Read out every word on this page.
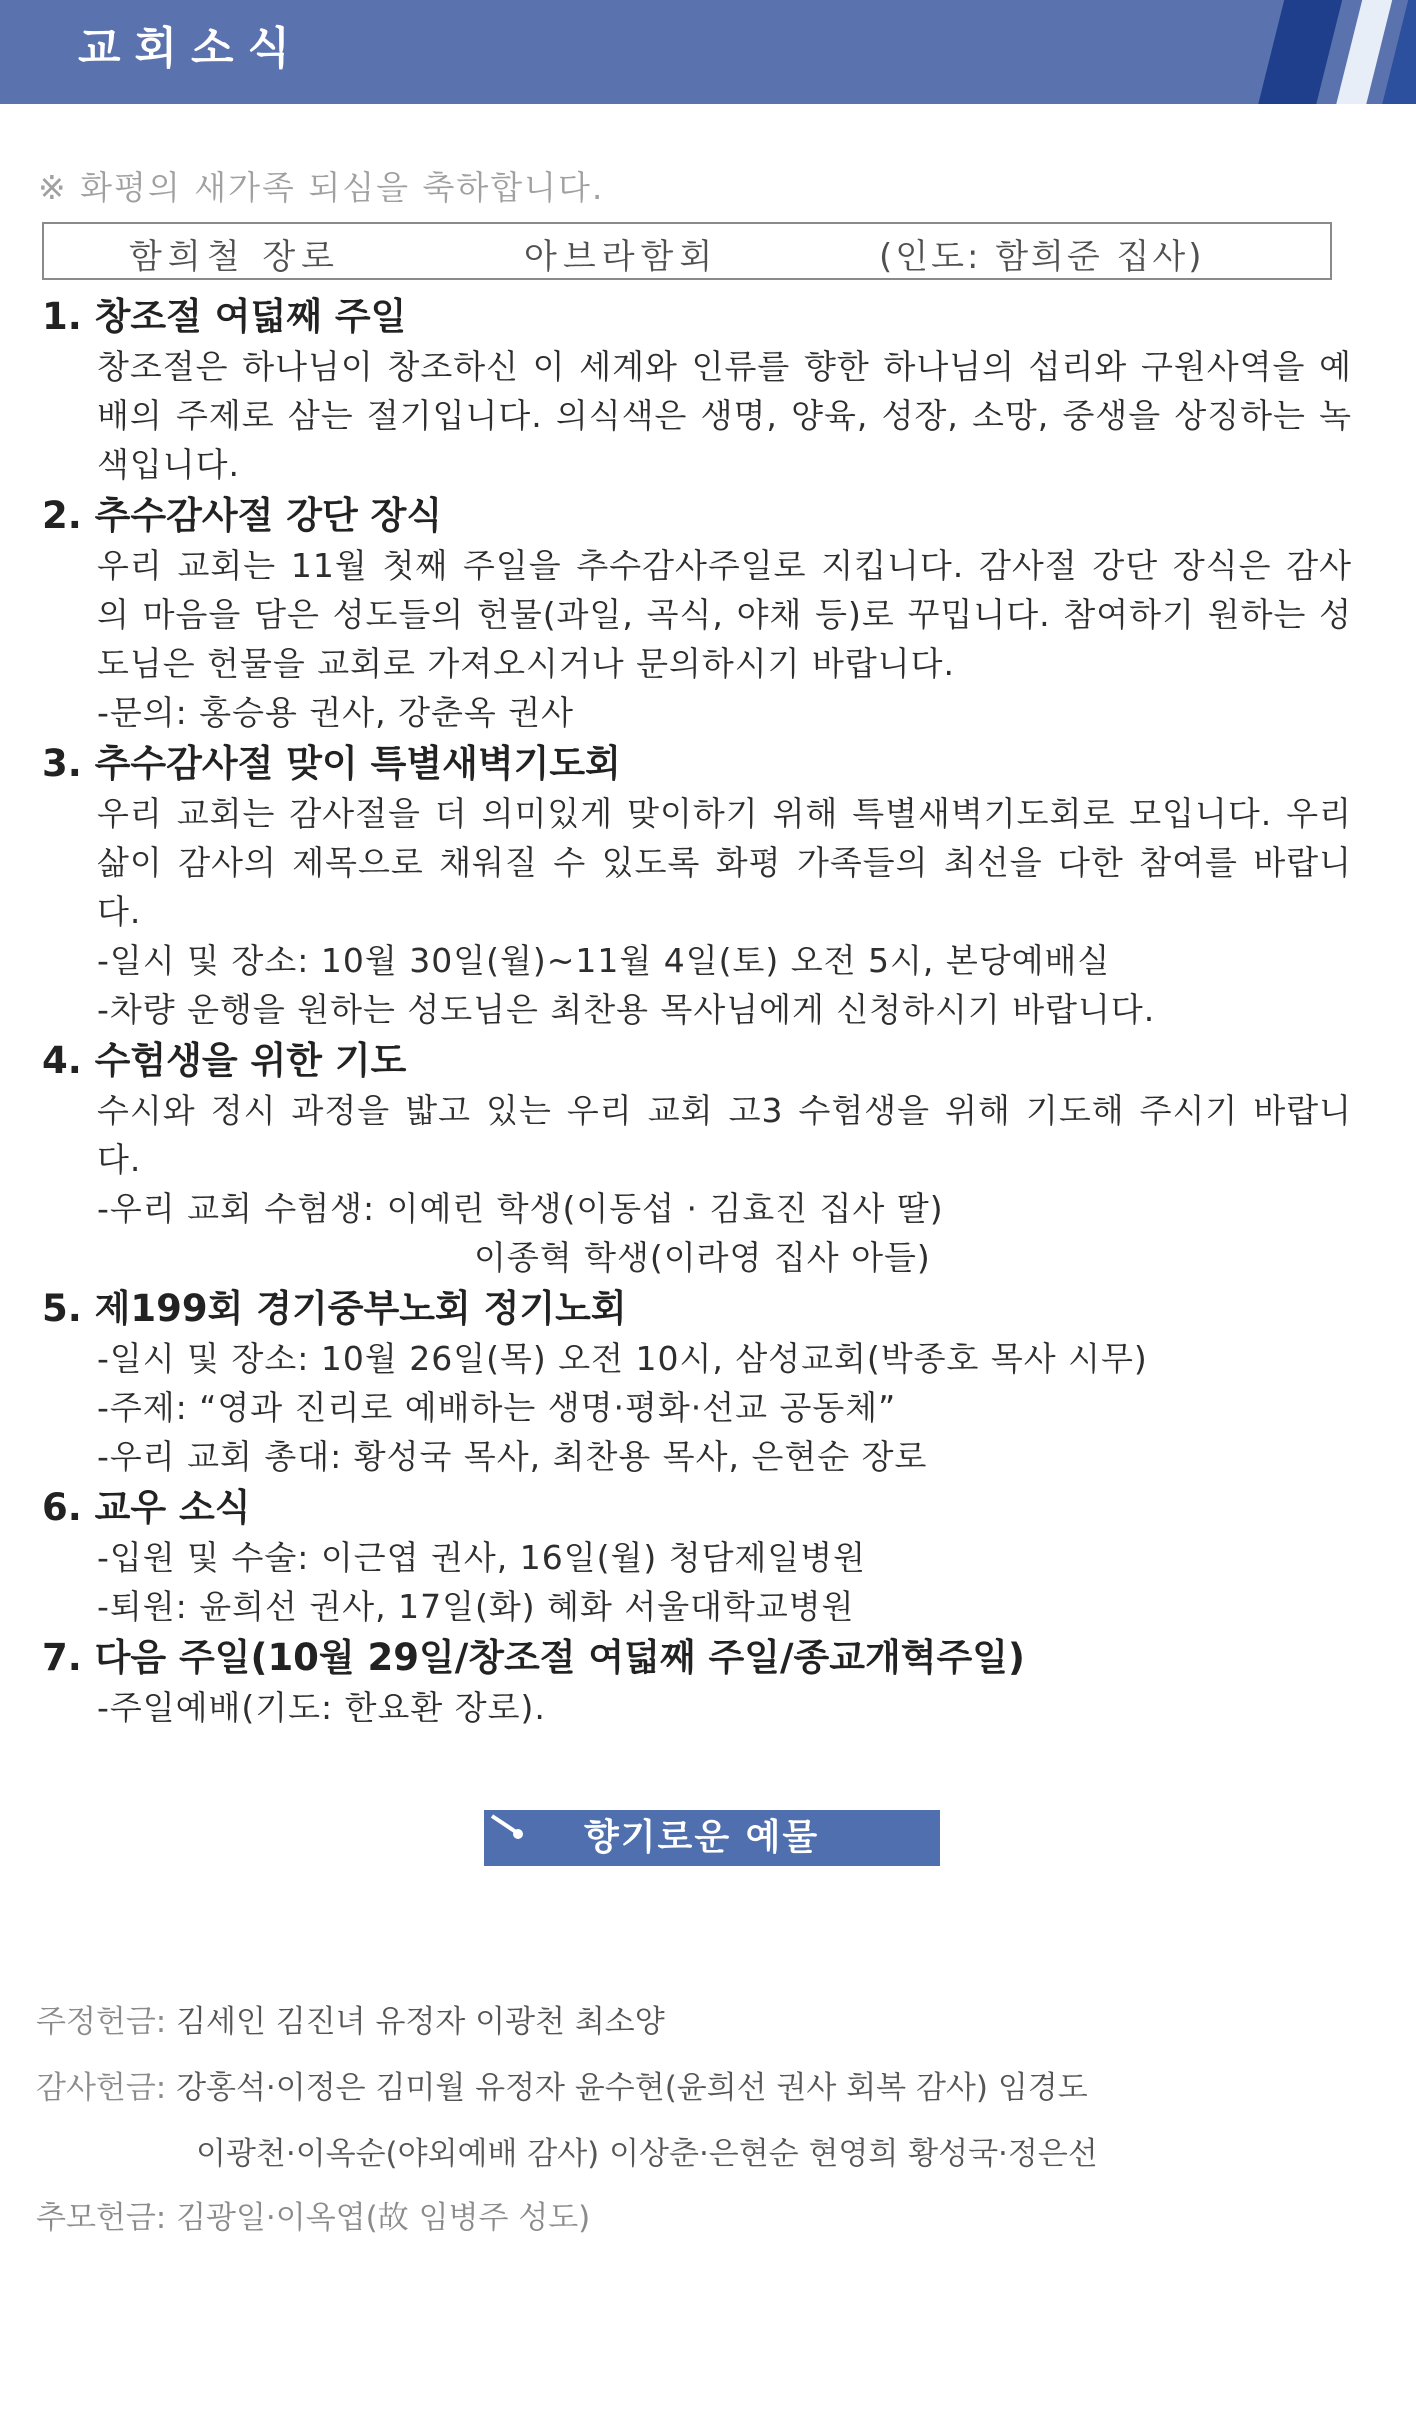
교회소식
※ 화평의 새가족 되심을 축하합니다.
함희철 장로	아브라함회	(인도: 함희준 집사)
1. 창조절 여덟째 주일
창조절은 하나님이 창조하신 이 세계와 인류를 향한 하나님의 섭리와 구원사역을 예배의 주제로 삼는 절기입니다. 의식색은 생명, 양육, 성장, 소망, 중생을 상징하는 녹색입니다.
2. 추수감사절 강단 장식
우리 교회는 11월 첫째 주일을 추수감사주일로 지킵니다. 감사절 강단 장식은 감사의 마음을 담은 성도들의 헌물(과일, 곡식, 야채 등)로 꾸밉니다. 참여하기 원하는 성도님은 헌물을 교회로 가져오시거나 문의하시기 바랍니다.
-문의: 홍승용 권사, 강춘옥 권사
3. 추수감사절 맞이 특별새벽기도회
우리 교회는 감사절을 더 의미있게 맞이하기 위해 특별새벽기도회로 모입니다. 우리 삶이 감사의 제목으로 채워질 수 있도록 화평 가족들의 최선을 다한 참여를 바랍니다.
-일시 및 장소: 10월 30일(월)~11월 4일(토) 오전 5시, 본당예배실
-차량 운행을 원하는 성도님은 최찬용 목사님에게 신청하시기 바랍니다.
4. 수험생을 위한 기도
수시와 정시 과정을 밟고 있는 우리 교회 고3 수험생을 위해 기도해 주시기 바랍니다.
-우리 교회 수험생: 이예린 학생(이동섭 · 김효진 집사 딸)
이종혁 학생(이라영 집사 아들)
5. 제199회 경기중부노회 정기노회
-일시 및 장소: 10월 26일(목) 오전 10시, 삼성교회(박종호 목사 시무)
-주제: “영과 진리로 예배하는 생명·평화·선교 공동체”
-우리 교회 총대: 황성국 목사, 최찬용 목사, 은현순 장로
6. 교우 소식
-입원 및 수술: 이근엽 권사, 16일(월) 청담제일병원
-퇴원: 윤희선 권사, 17일(화) 혜화 서울대학교병원
7. 다음 주일(10월 29일/창조절 여덟째 주일/종교개혁주일)
-주일예배(기도: 한요환 장로).
향기로운 예물
주정헌금: 김세인 김진녀 유정자 이광천 최소양
감사헌금: 강홍석·이정은 김미월 유정자 윤수현(윤희선 권사 회복 감사) 임경도
이광천·이옥순(야외예배 감사) 이상춘·은현순 현영희 황성국·정은선
추모헌금: 김광일·이옥엽(故 임병주 성도)
